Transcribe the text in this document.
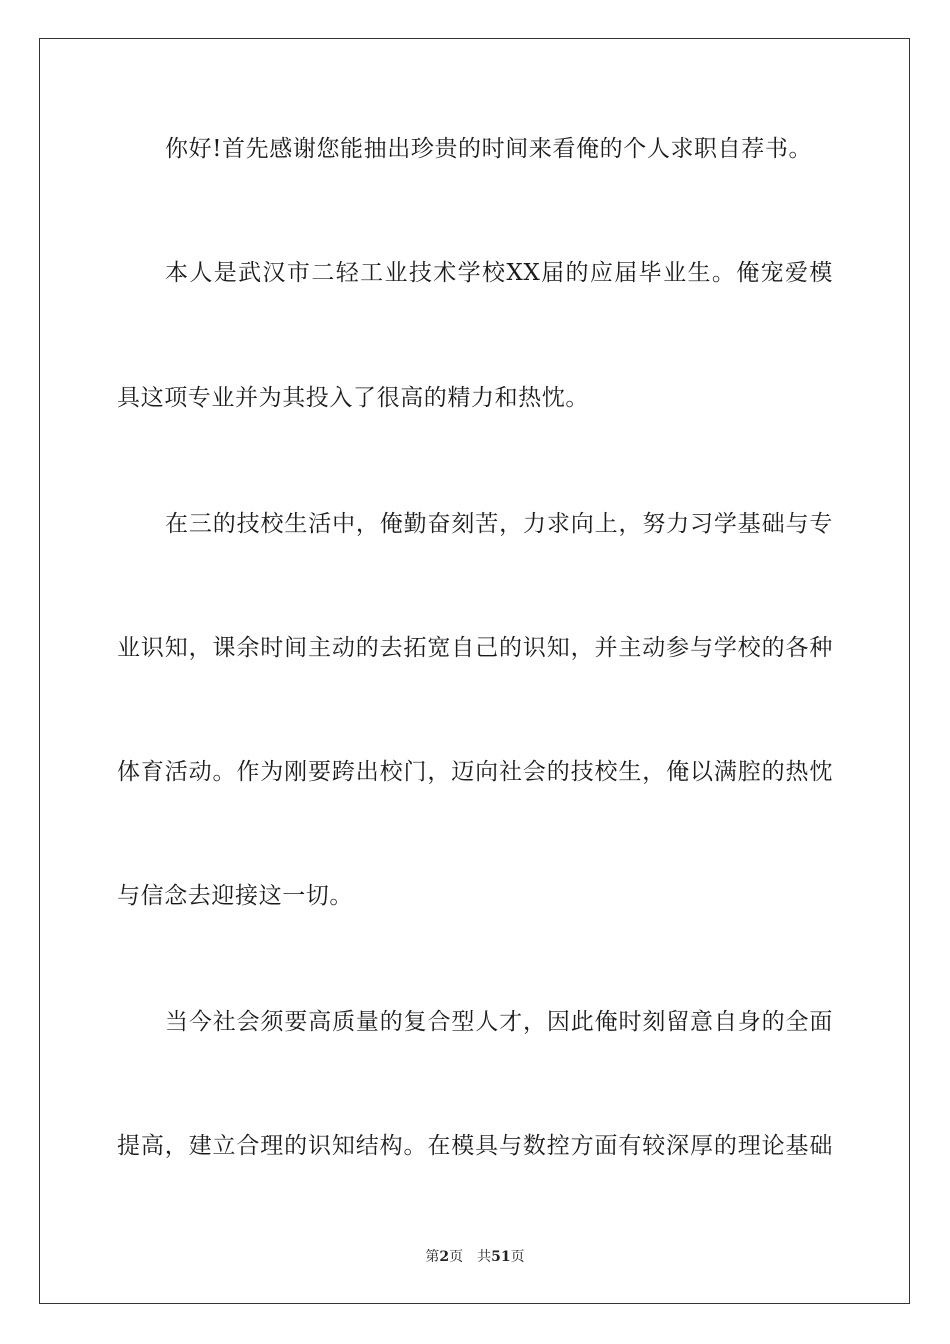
你好!首先感谢您能抽出珍贵的时间来看俺的个人求职自荐书。
本人是武汉市二轻工业技术学校XX届的应届毕业生。俺宠爱模
具这项专业并为其投入了很高的精力和热忱。
在三的技校生活中，俺勤奋刻苦，力求向上，努力习学基础与专
业识知，课余时间主动的去拓宽自己的识知，并主动参与学校的各种
体育活动。作为刚要跨出校门，迈向社会的技校生，俺以满腔的热忱
与信念去迎接这一切。
当今社会须要高质量的复合型人才，因此俺时刻留意自身的全面
提高，建立合理的识知结构。在模具与数控方面有较深厚的理论基础
第2页 共51页
